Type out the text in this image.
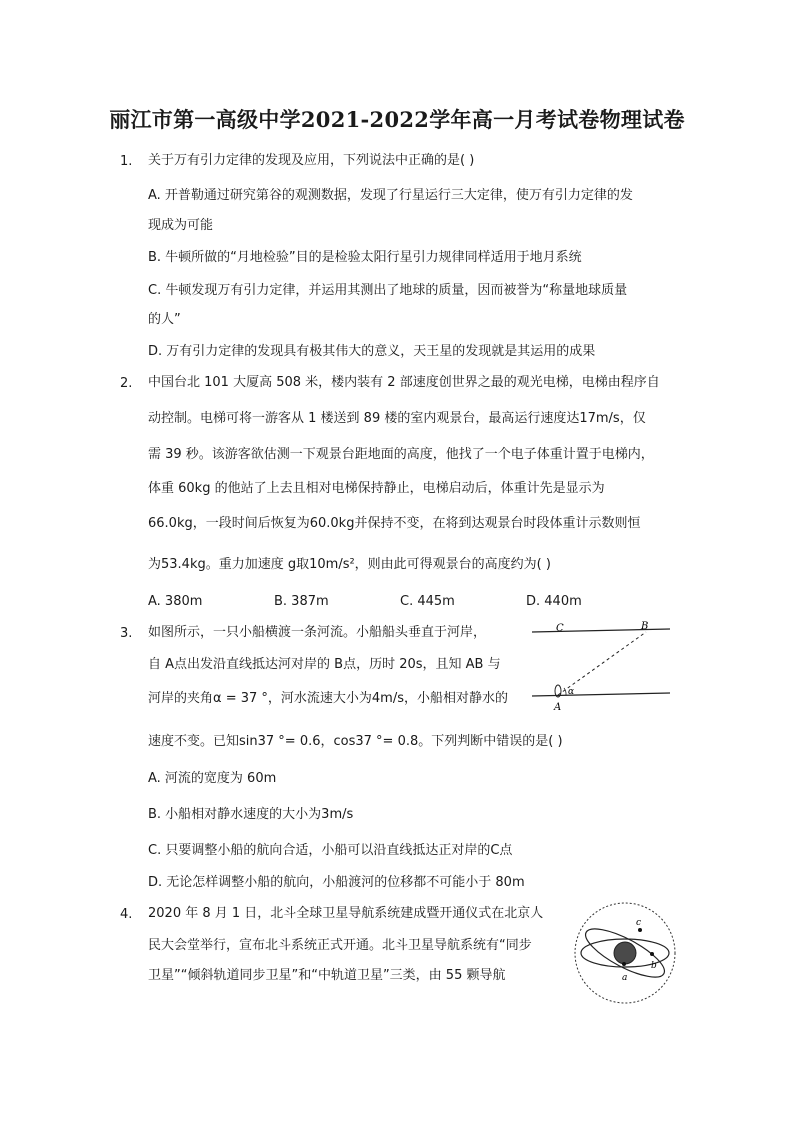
丽江市第一高级中学2021-2022学年高一月考试卷物理试卷
1. 关于万有引力定律的发现及应用，下列说法中正确的是( )
A. 开普勒通过研究第谷的观测数据，发现了行星运行三大定律，使万有引力定律的发
现成为可能
B. 牛顿所做的“月地检验”目的是检验太阳行星引力规律同样适用于地月系统
C. 牛顿发现万有引力定律，并运用其测出了地球的质量，因而被誉为“称量地球质量
的人”
D. 万有引力定律的发现具有极其伟大的意义，天王星的发现就是其运用的成果
2. 中国台北 101 大厦高 508 米，楼内装有 2 部速度创世界之最的观光电梯，电梯由程序自
动控制。电梯可将一游客从 1 楼送到 89 楼的室内观景台，最高运行速度达17m/s，仅
需 39 秒。该游客欲估测一下观景台距地面的高度，他找了一个电子体重计置于电梯内，
体重 60kg 的他站了上去且相对电梯保持静止，电梯启动后，体重计先是显示为
66.0kg，一段时间后恢复为60.0kg并保持不变，在将到达观景台时段体重计示数则恒
为53.4kg。重力加速度 g取10m/s²，则由此可得观景台的高度约为( )
A. 380m	B. 387m	C. 445m	D. 440m
3. 如图所示，一只小船横渡一条河流。小船船头垂直于河岸，
自 A点出发沿直线抵达河对岸的 B点，历时 20s，且知 AB 与
河岸的夹角α = 37 °，河水流速大小为4m/s，小船相对静水的
速度不变。已知sin37 °= 0.6，cos37 °= 0.8。下列判断中错误的是( )
A. 河流的宽度为 60m
B. 小船相对静水速度的大小为3m/s
C. 只要调整小船的航向合适，小船可以沿直线抵达正对岸的C点
D. 无论怎样调整小船的航向，小船渡河的位移都不可能小于 80m
C	B
α
A
4. 2020 年 8 月 1 日，北斗全球卫星导航系统建成暨开通仪式在北京人
民大会堂举行，宣布北斗系统正式开通。北斗卫星导航系统有“同步
卫星”“倾斜轨道同步卫星”和“中轨道卫星”三类，由 55 颗导航	a
b
c
